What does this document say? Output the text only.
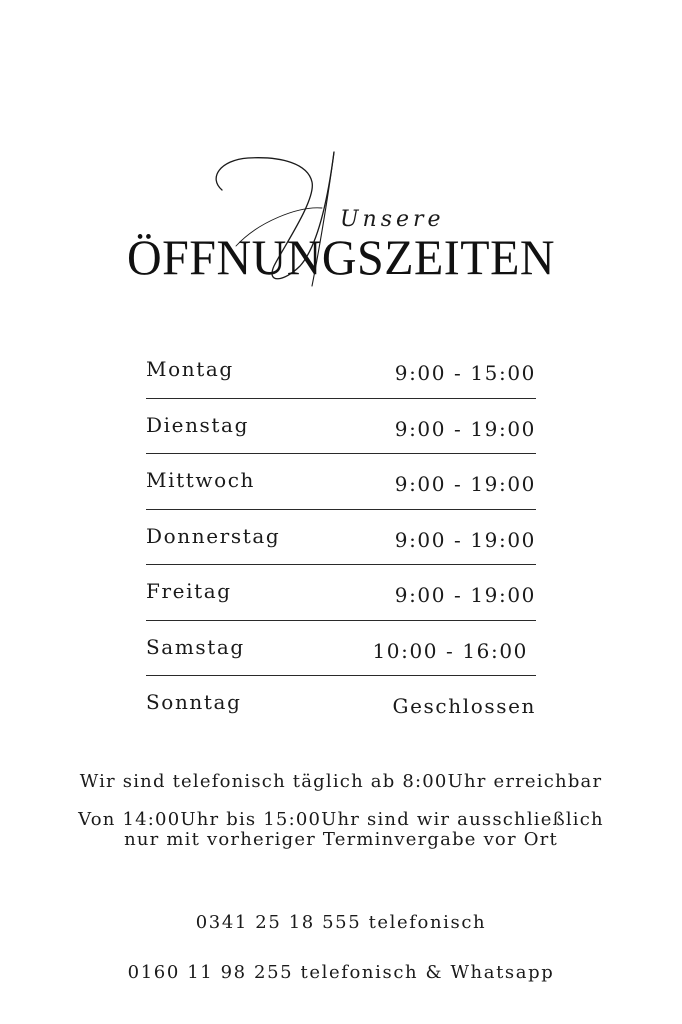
Unsere
ÖFFNUNGSZEITEN
Montag	9:00 - 15:00
Dienstag	9:00 - 19:00
Mittwoch	9:00 - 19:00
Donnerstag	9:00 - 19:00
Freitag	9:00 - 19:00
Samstag	10:00 - 16:00
Sonntag	Geschlossen
Wir sind telefonisch täglich ab 8:00Uhr erreichbar
Von 14:00Uhr bis 15:00Uhr sind wir ausschließlich
nur mit vorheriger Terminvergabe vor Ort
0341 25 18 555 telefonisch
0160 11 98 255 telefonisch & Whatsapp
